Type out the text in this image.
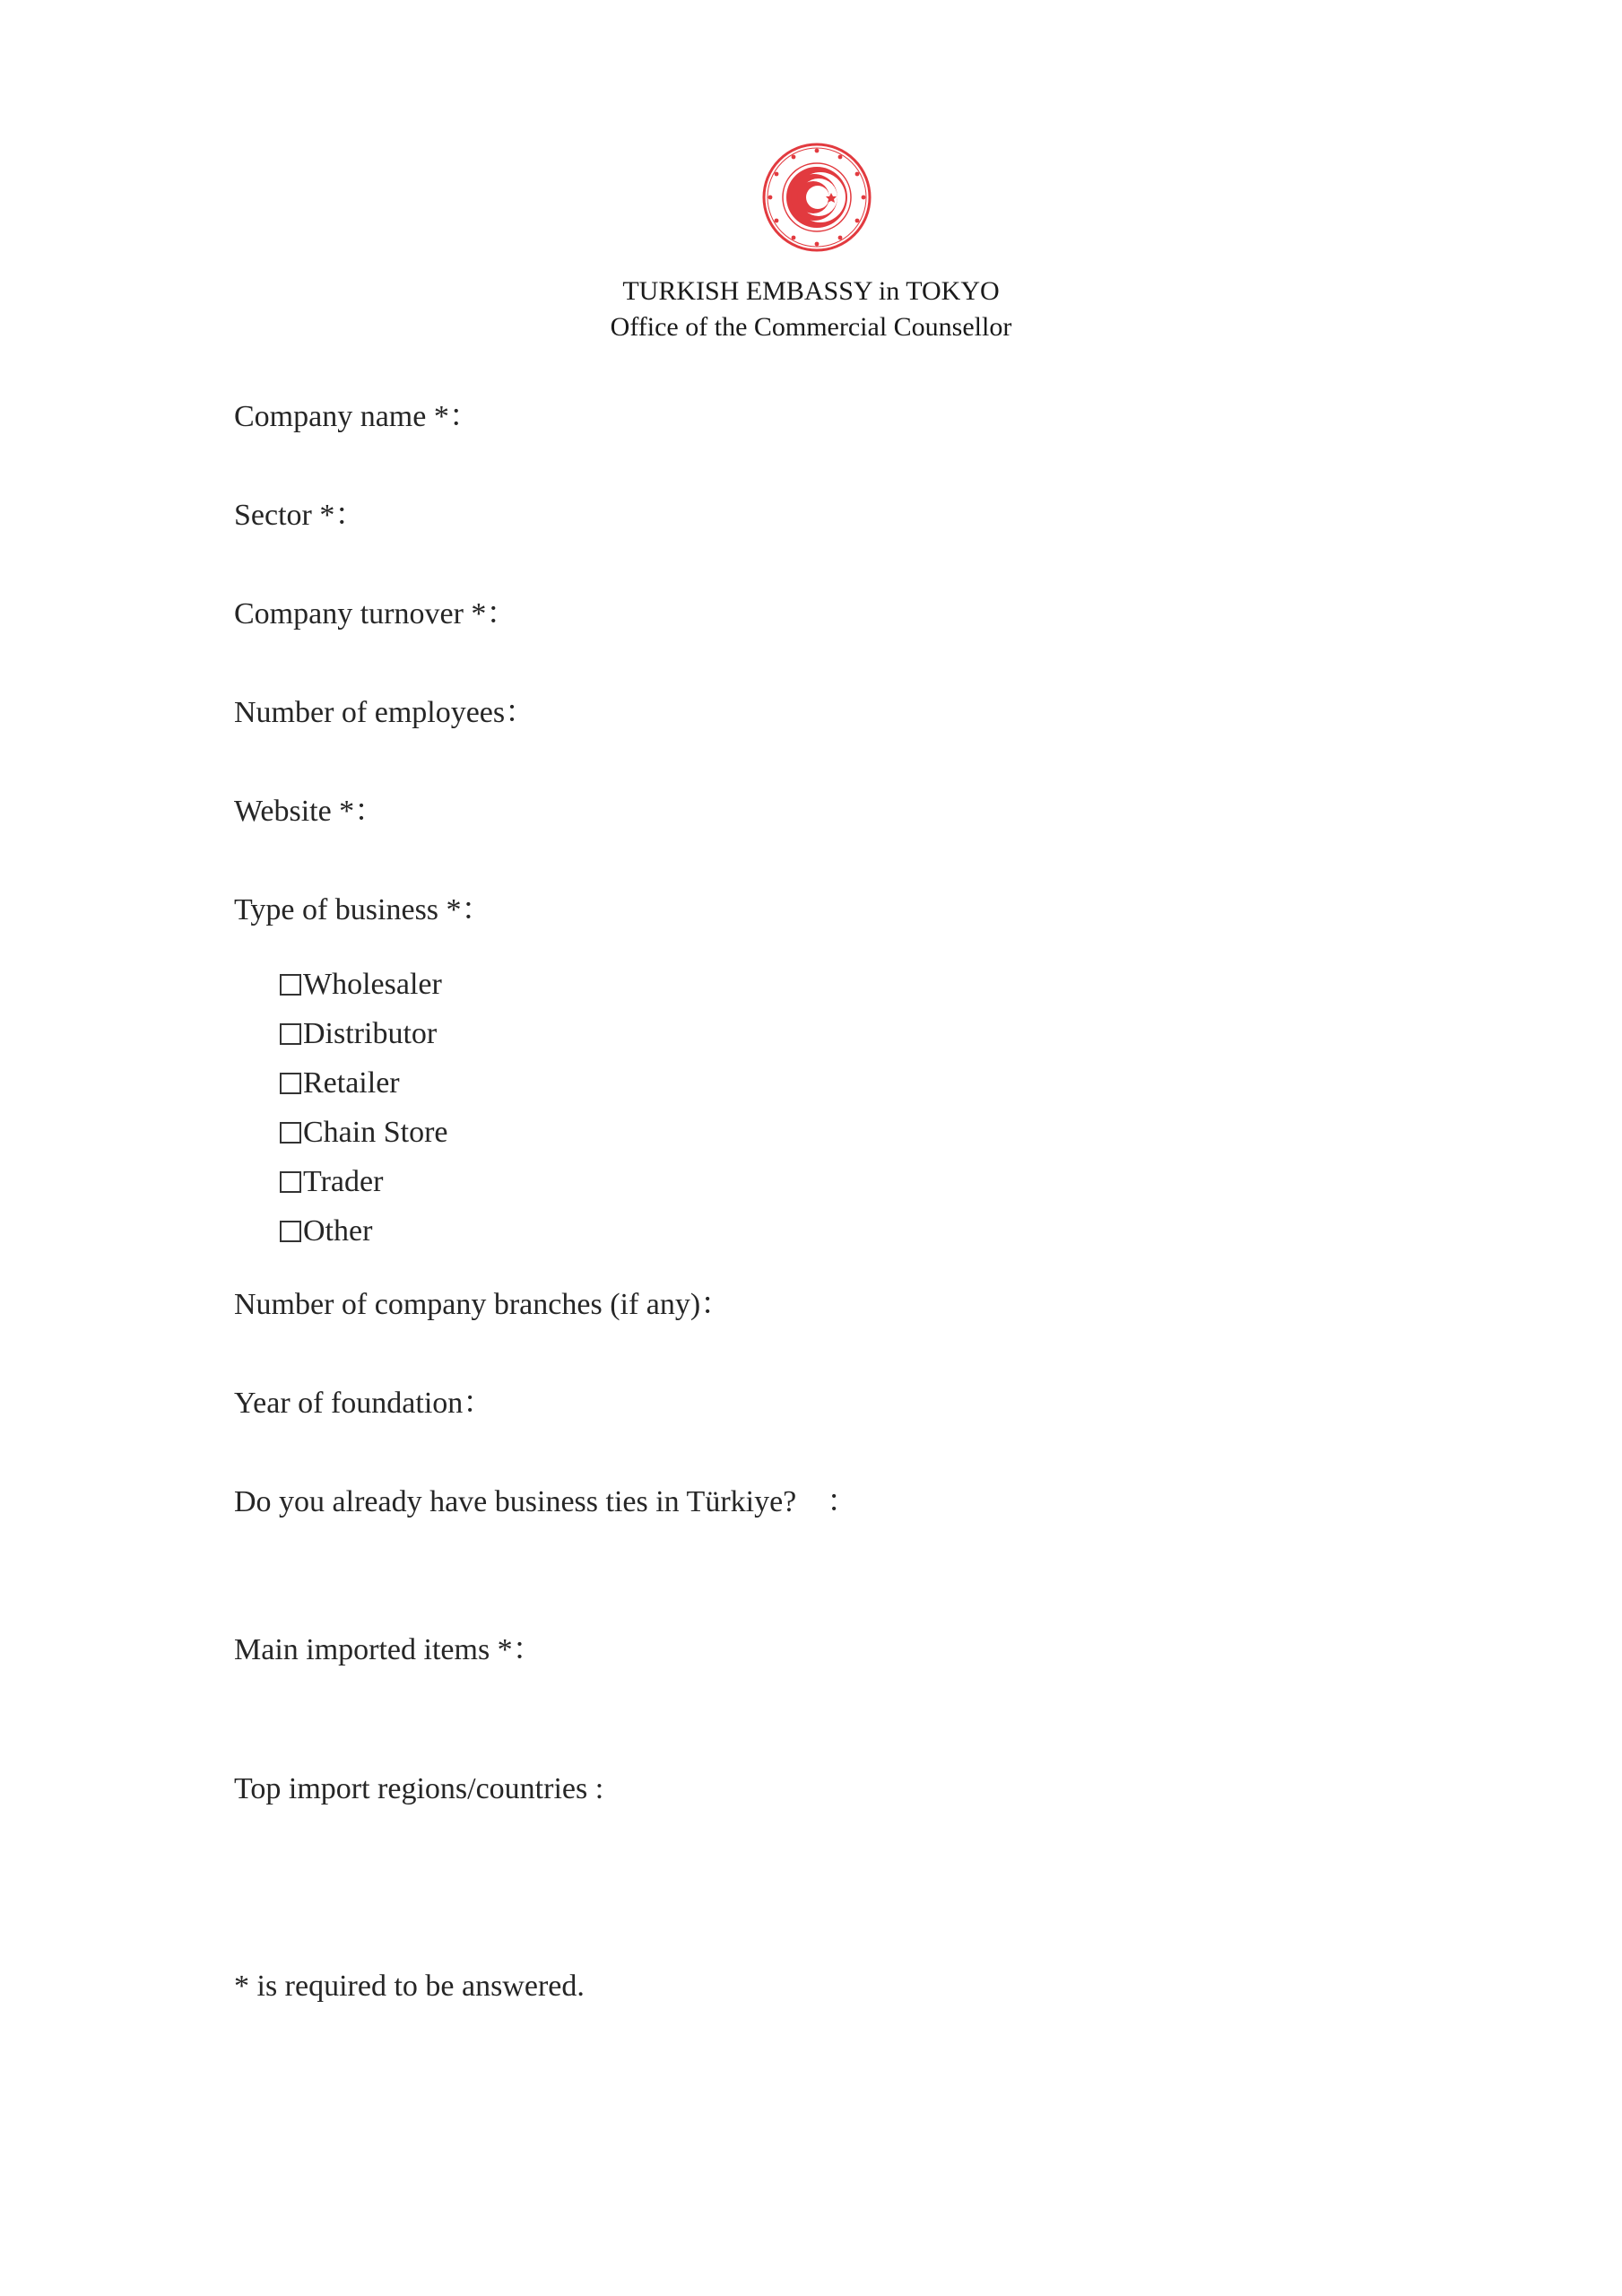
TURKISH EMBASSY in TOKYO
Office of the Commercial Counsellor
Company name *：
Sector *：
Company turnover *：
Number of employees：
Website *：
Type of business *：

Wholesaler

Distributor

Retailer

Chain Store

Trader

Other

Number of company branches (if any)：
Year of foundation：
Do you already have business ties in Türkiye?　：
Main imported items *：
Top import regions/countries :
* is required to be answered.
